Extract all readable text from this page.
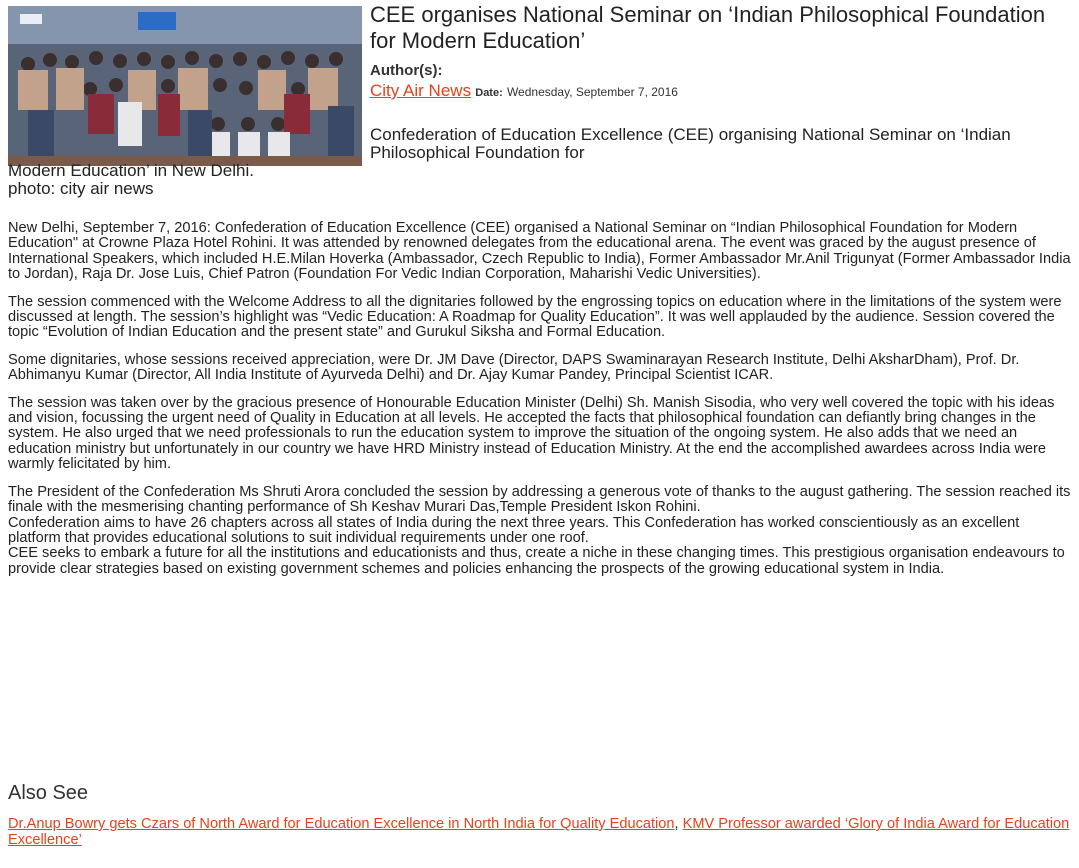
CEE organises National Seminar on ‘Indian Philosophical Foundation for Modern Education’
Author(s):
City Air News Date: Wednesday, September 7, 2016
Confederation of Education Excellence (CEE) organising National Seminar on ‘Indian Philosophical Foundation for
Modern Education’ in New Delhi.
photo: city air news

New Delhi, September 7, 2016: Confederation of Education Excellence (CEE) organised a National Seminar on “Indian Philosophical Foundation for Modern Education" at Crowne Plaza Hotel Rohini. It was attended by renowned delegates from the educational arena. The event was graced by the august presence of International Speakers, which included H.E.Milan Hoverka (Ambassador, Czech Republic to India), Former Ambassador Mr.Anil Trigunyat (Former Ambassador India to Jordan), Raja Dr. Jose Luis, Chief Patron (Foundation For Vedic Indian Corporation, Maharishi Vedic Universities).

The session commenced with the Welcome Address to all the dignitaries followed by the engrossing topics on education where in the limitations of the system were discussed at length. The session’s highlight was “Vedic Education: A Roadmap for Quality Education”. It was well applauded by the audience. Session covered the topic “Evolution of Indian Education and the present state” and Gurukul Siksha and Formal Education.

Some dignitaries, whose sessions received appreciation, were Dr. JM Dave (Director, DAPS Swaminarayan Research Institute, Delhi AksharDham), Prof. Dr. Abhimanyu Kumar (Director, All India Institute of Ayurveda Delhi) and Dr. Ajay Kumar Pandey, Principal Scientist ICAR.

The session was taken over by the gracious presence of Honourable Education Minister (Delhi) Sh. Manish Sisodia, who very well covered the topic with his ideas and vision, focussing the urgent need of Quality in Education at all levels. He accepted the facts that philosophical foundation can defiantly bring changes in the system. He also urged that we need professionals to run the education system to improve the situation of the ongoing system. He also adds that we need an education ministry but unfortunately in our country we have HRD Ministry instead of Education Ministry. At the end the accomplished awardees across India were warmly felicitated by him.

The President of the Confederation Ms Shruti Arora concluded the session by addressing a generous vote of thanks to the august gathering. The session reached its finale with the mesmerising chanting performance of Sh Keshav Murari Das,Temple President Iskon Rohini.

Confederation aims to have 26 chapters across all states of India during the next three years. This Confederation has worked conscientiously as an excellent platform that provides educational solutions to suit individual requirements under one roof.

CEE seeks to embark a future for all the institutions and educationists and thus, create a niche in these changing times. This prestigious organisation endeavours to provide clear strategies based on existing government schemes and policies enhancing the prospects of the growing educational system in India.

Also See
Dr.Anup Bowry gets Czars of North Award for Education Excellence in North India for Quality Education, KMV Professor awarded ‘Glory of India Award for Education Excellence’
